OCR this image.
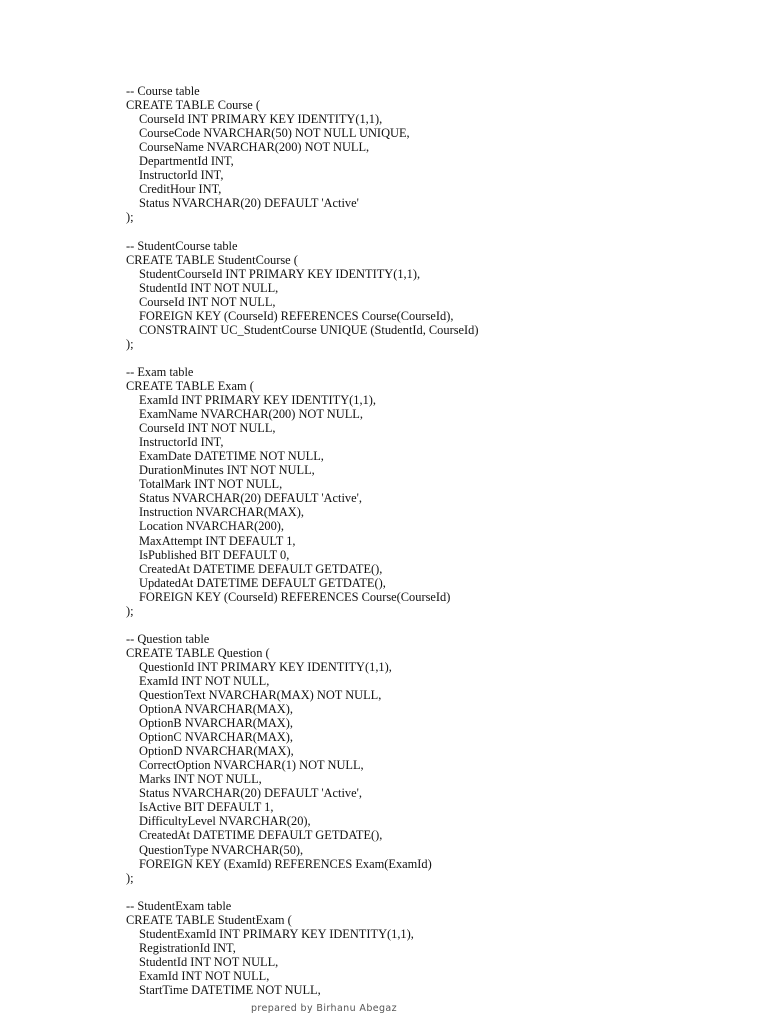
-- Course table
CREATE TABLE Course (
CourseId INT PRIMARY KEY IDENTITY(1,1),
CourseCode NVARCHAR(50) NOT NULL UNIQUE,
CourseName NVARCHAR(200) NOT NULL,
DepartmentId INT,
InstructorId INT,
CreditHour INT,
Status NVARCHAR(20) DEFAULT 'Active'
);
-- StudentCourse table
CREATE TABLE StudentCourse (
StudentCourseId INT PRIMARY KEY IDENTITY(1,1),
StudentId INT NOT NULL,
CourseId INT NOT NULL,
FOREIGN KEY (CourseId) REFERENCES Course(CourseId),
CONSTRAINT UC_StudentCourse UNIQUE (StudentId, CourseId)
);
-- Exam table
CREATE TABLE Exam (
ExamId INT PRIMARY KEY IDENTITY(1,1),
ExamName NVARCHAR(200) NOT NULL,
CourseId INT NOT NULL,
InstructorId INT,
ExamDate DATETIME NOT NULL,
DurationMinutes INT NOT NULL,
TotalMark INT NOT NULL,
Status NVARCHAR(20) DEFAULT 'Active',
Instruction NVARCHAR(MAX),
Location NVARCHAR(200),
MaxAttempt INT DEFAULT 1,
IsPublished BIT DEFAULT 0,
CreatedAt DATETIME DEFAULT GETDATE(),
UpdatedAt DATETIME DEFAULT GETDATE(),
FOREIGN KEY (CourseId) REFERENCES Course(CourseId)
);
-- Question table
CREATE TABLE Question (
QuestionId INT PRIMARY KEY IDENTITY(1,1),
ExamId INT NOT NULL,
QuestionText NVARCHAR(MAX) NOT NULL,
OptionA NVARCHAR(MAX),
OptionB NVARCHAR(MAX),
OptionC NVARCHAR(MAX),
OptionD NVARCHAR(MAX),
CorrectOption NVARCHAR(1) NOT NULL,
Marks INT NOT NULL,
Status NVARCHAR(20) DEFAULT 'Active',
IsActive BIT DEFAULT 1,
DifficultyLevel NVARCHAR(20),
CreatedAt DATETIME DEFAULT GETDATE(),
QuestionType NVARCHAR(50),
FOREIGN KEY (ExamId) REFERENCES Exam(ExamId)
);
-- StudentExam table
CREATE TABLE StudentExam (
StudentExamId INT PRIMARY KEY IDENTITY(1,1),
RegistrationId INT,
StudentId INT NOT NULL,
ExamId INT NOT NULL,
StartTime DATETIME NOT NULL,
prepared by Birhanu Abegaz
